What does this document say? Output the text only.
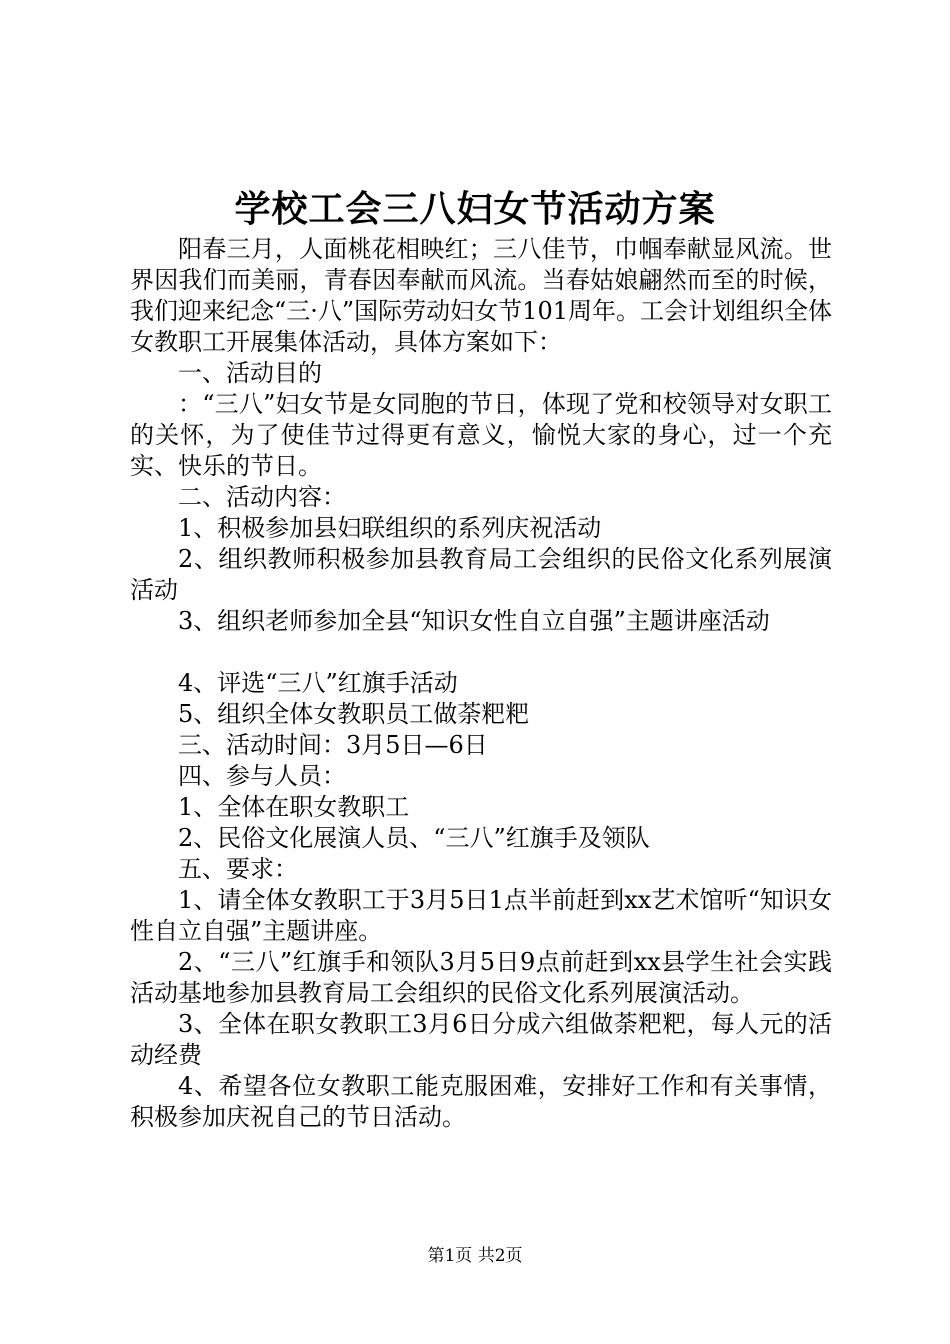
学校工会三八妇女节活动方案

阳春三月，人面桃花相映红；三八佳节，巾帼奉献显风流。世界因我们而美丽，青春因奉献而风流。当春姑娘翩然而至的时候，我们迎来纪念“三·八”国际劳动妇女节101周年。工会计划组织全体女教职工开展集体活动，具体方案如下：

一、活动目的

：“三八”妇女节是女同胞的节日，体现了党和校领导对女职工的关怀，为了使佳节过得更有意义，愉悦大家的身心，过一个充实、快乐的节日。

二、活动内容：

1、积极参加县妇联组织的系列庆祝活动

2、组织教师积极参加县教育局工会组织的民俗文化系列展演活动

3、组织老师参加全县“知识女性自立自强”主题讲座活动

4、评选“三八”红旗手活动

5、组织全体女教职员工做荼粑粑

三、活动时间：3月5日—6日

四、参与人员：

1、全体在职女教职工

2、民俗文化展演人员、“三八”红旗手及领队

五、要求：

1、请全体女教职工于3月5日1点半前赶到xx艺术馆听“知识女性自立自强”主题讲座。

2、“三八”红旗手和领队3月5日9点前赶到xx县学生社会实践活动基地参加县教育局工会组织的民俗文化系列展演活动。

3、全体在职女教职工3月6日分成六组做荼粑粑，每人元的活动经费

4、希望各位女教职工能克服困难，安排好工作和有关事情，积极参加庆祝自己的节日活动。

第1页 共2页
